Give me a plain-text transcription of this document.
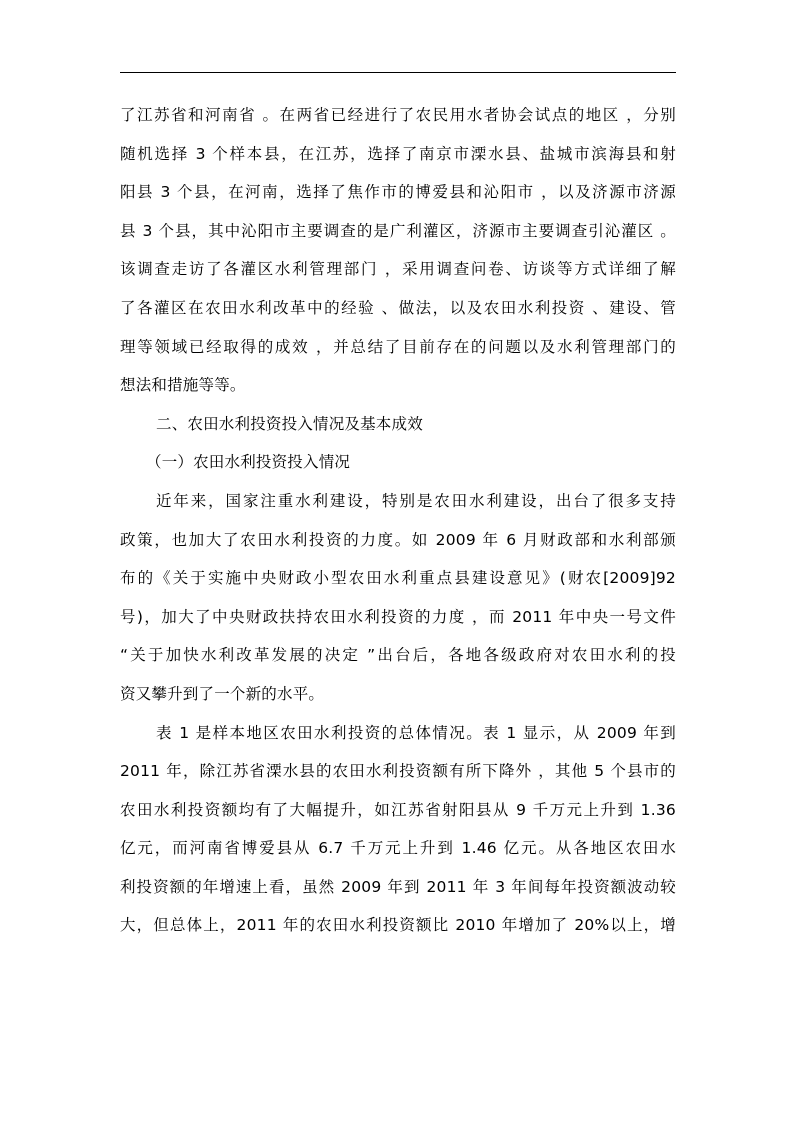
了江苏省和河南省 。在两省已经进行了农民用水者协会试点的地区 ，分别
随机选择 3 个样本县，在江苏，选择了南京市溧水县、盐城市滨海县和射
阳县 3 个县，在河南，选择了焦作市的博爱县和沁阳市 ，以及济源市济源
县 3 个县，其中沁阳市主要调查的是广利灌区，济源市主要调查引沁灌区 。
该调查走访了各灌区水利管理部门 ，采用调查问卷、访谈等方式详细了解
了各灌区在农田水利改革中的经验 、做法，以及农田水利投资 、建设、管
理等领域已经取得的成效 ，并总结了目前存在的问题以及水利管理部门的
想法和措施等等。
二、农田水利投资投入情况及基本成效
（一）农田水利投资投入情况
近年来，国家注重水利建设，特别是农田水利建设，出台了很多支持
政策，也加大了农田水利投资的力度。如 2009 年 6 月财政部和水利部颁
布的《关于实施中央财政小型农田水利重点县建设意见》(财农[2009]92
号)，加大了中央财政扶持农田水利投资的力度 ，而 2011 年中央一号文件
“关于加快水利改革发展的决定 ”出台后，各地各级政府对农田水利的投
资又攀升到了一个新的水平。
表 1 是样本地区农田水利投资的总体情况。表 1 显示，从 2009 年到
2011 年，除江苏省溧水县的农田水利投资额有所下降外 ，其他 5 个县市的
农田水利投资额均有了大幅提升，如江苏省射阳县从 9 千万元上升到 1.36
亿元，而河南省博爱县从 6.7 千万元上升到 1.46 亿元。从各地区农田水
利投资额的年增速上看，虽然 2009 年到 2011 年 3 年间每年投资额波动较
大，但总体上，2011 年的农田水利投资额比 2010 年增加了 20%以上，增
